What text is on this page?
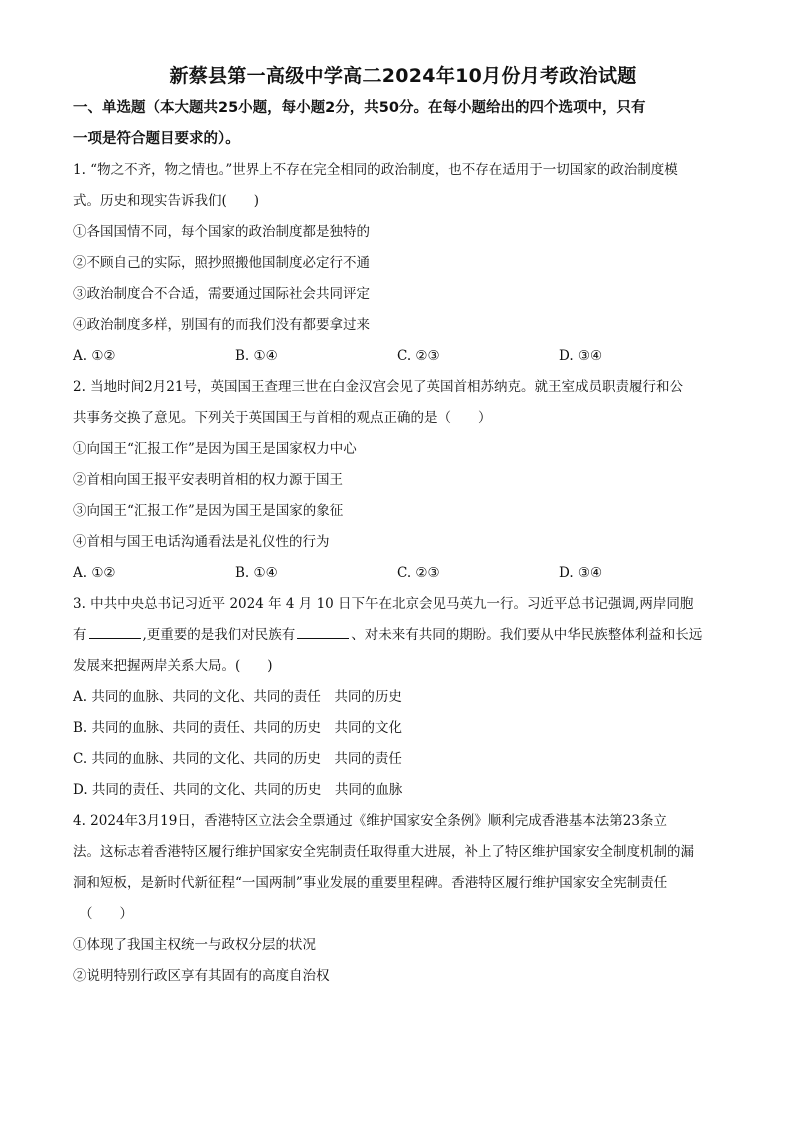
新蔡县第一高级中学高二2024年10月份月考政治试题
一、单选题（本大题共25小题，每小题2分，共50分。在每小题给出的四个选项中，只有
一项是符合题目要求的）。
1. “物之不齐，物之情也。”世界上不存在完全相同的政治制度，也不存在适用于一切国家的政治制度模
式。历史和现实告诉我们(　　)
①各国国情不同，每个国家的政治制度都是独特的
②不顾自己的实际，照抄照搬他国制度必定行不通
③政治制度合不合适，需要通过国际社会共同评定
④政治制度多样，别国有的而我们没有都要拿过来
A. ①②	B. ①④	C. ②③	D. ③④
2. 当地时间2月21号，英国国王查理三世在白金汉宫会见了英国首相苏纳克。就王室成员职责履行和公
共事务交换了意见。下列关于英国国王与首相的观点正确的是（　　）
①向国王“汇报工作”是因为国王是国家权力中心
②首相向国王报平安表明首相的权力源于国王
③向国王“汇报工作”是因为国王是国家的象征
④首相与国王电话沟通看法是礼仪性的行为
A. ①②	B. ①④	C. ②③	D. ③④
3. 中共中央总书记习近平 2024 年 4 月 10 日下午在北京会见马英九一行。习近平总书记强调,两岸同胞
有	,更重要的是我们对民族有	、对未来有共同的期盼。我们要从中华民族整体利益和长远
发展来把握两岸关系大局。(　　)
A. 共同的血脉、共同的文化、共同的责任　共同的历史
B. 共同的血脉、共同的责任、共同的历史　共同的文化
C. 共同的血脉、共同的文化、共同的历史　共同的责任
D. 共同的责任、共同的文化、共同的历史　共同的血脉
4. 2024年3月19日，香港特区立法会全票通过《维护国家安全条例》顺利完成香港基本法第23条立
法。这标志着香港特区履行维护国家安全宪制责任取得重大进展，补上了特区维护国家安全制度机制的漏
洞和短板，是新时代新征程“一国两制”事业发展的重要里程碑。香港特区履行维护国家安全宪制责任
（　　）
①体现了我国主权统一与政权分层的状况
②说明特别行政区享有其固有的高度自治权
